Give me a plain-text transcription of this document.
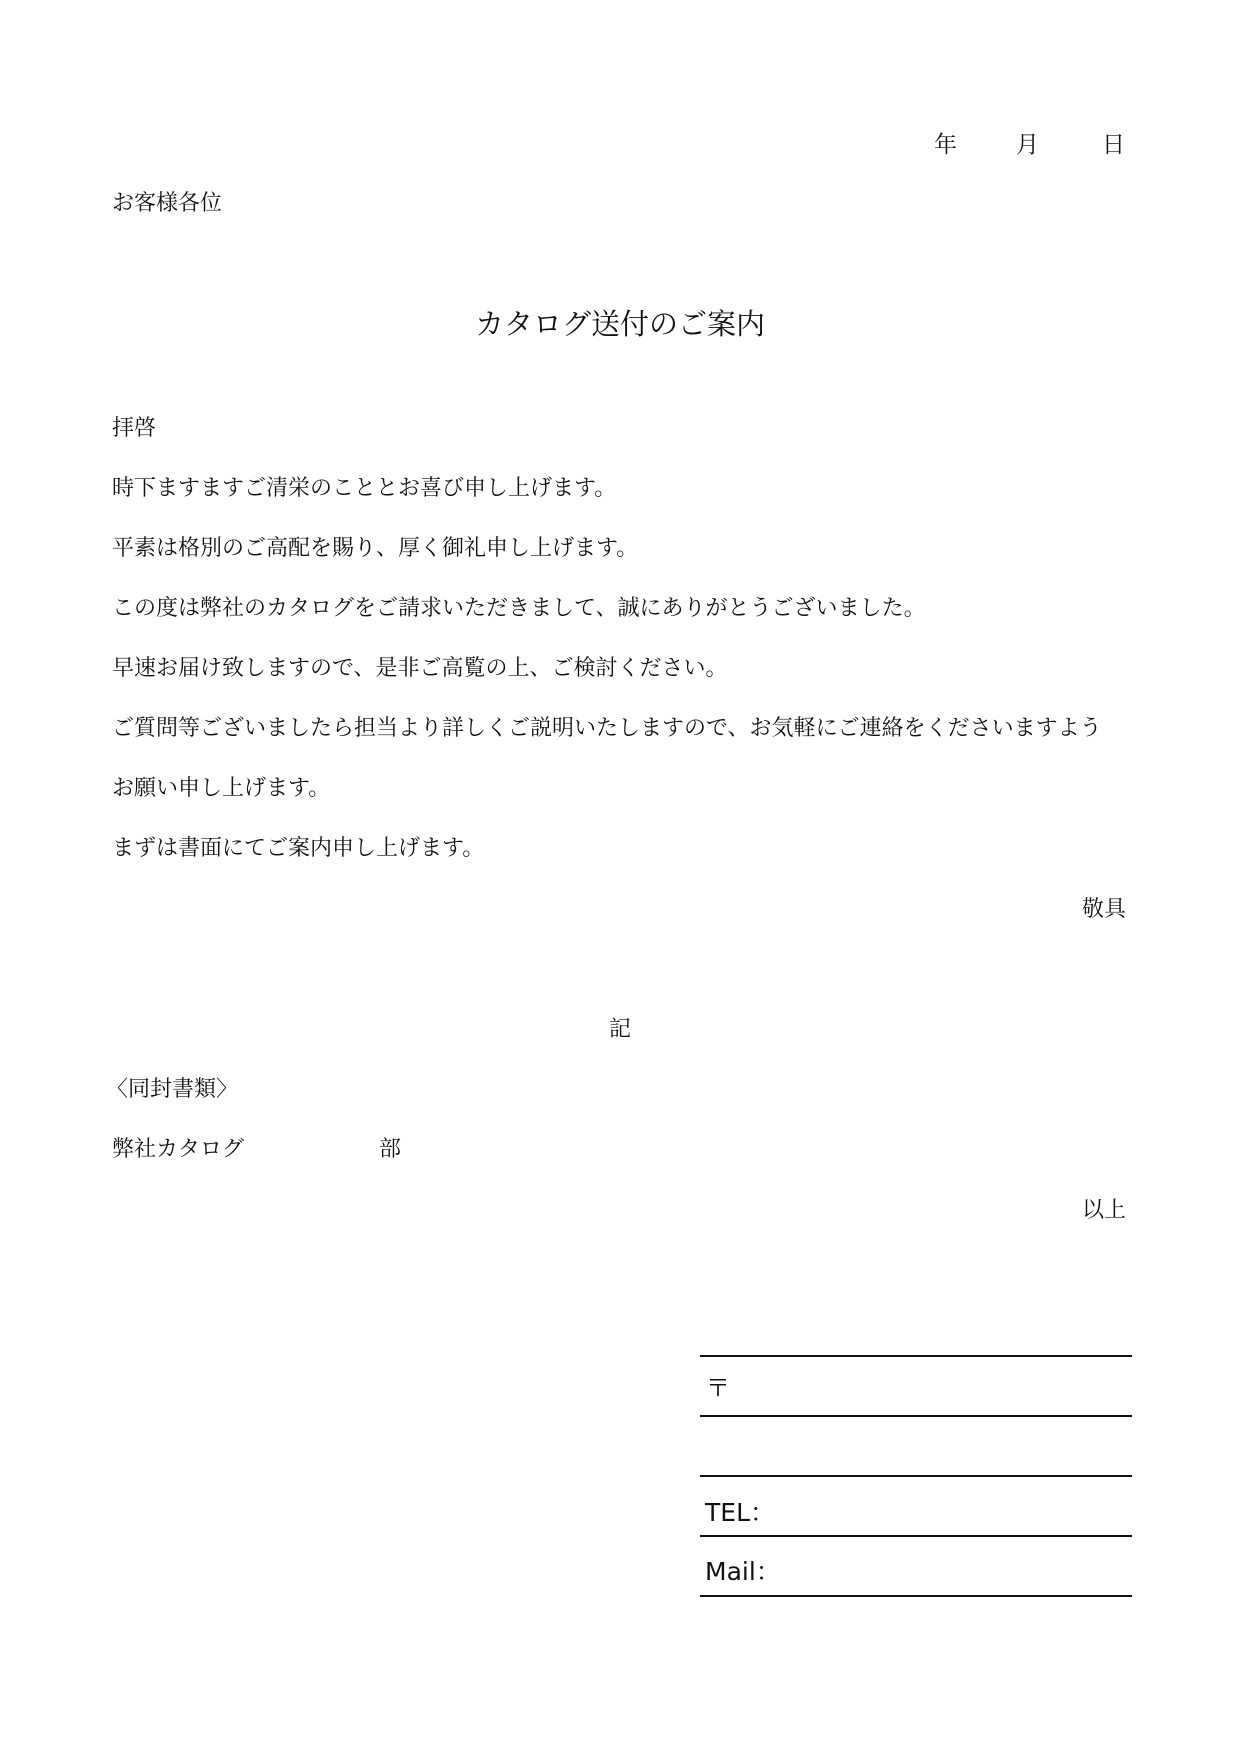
年	月	日
お客様各位
カタログ送付のご案内
拝啓
時下ますますご清栄のこととお喜び申し上げます。
平素は格別のご高配を賜り、厚く御礼申し上げます。
この度は弊社のカタログをご請求いただきまして、誠にありがとうございました。
早速お届け致しますので、是非ご高覧の上、ご検討ください。
ご質問等ございましたら担当より詳しくご説明いたしますので、お気軽にご連絡をくださいますよう
お願い申し上げます。
まずは書面にてご案内申し上げます。
敬具
記
〈同封書類〉
弊社カタログ	部
以上
〒
TEL：
Mail：
